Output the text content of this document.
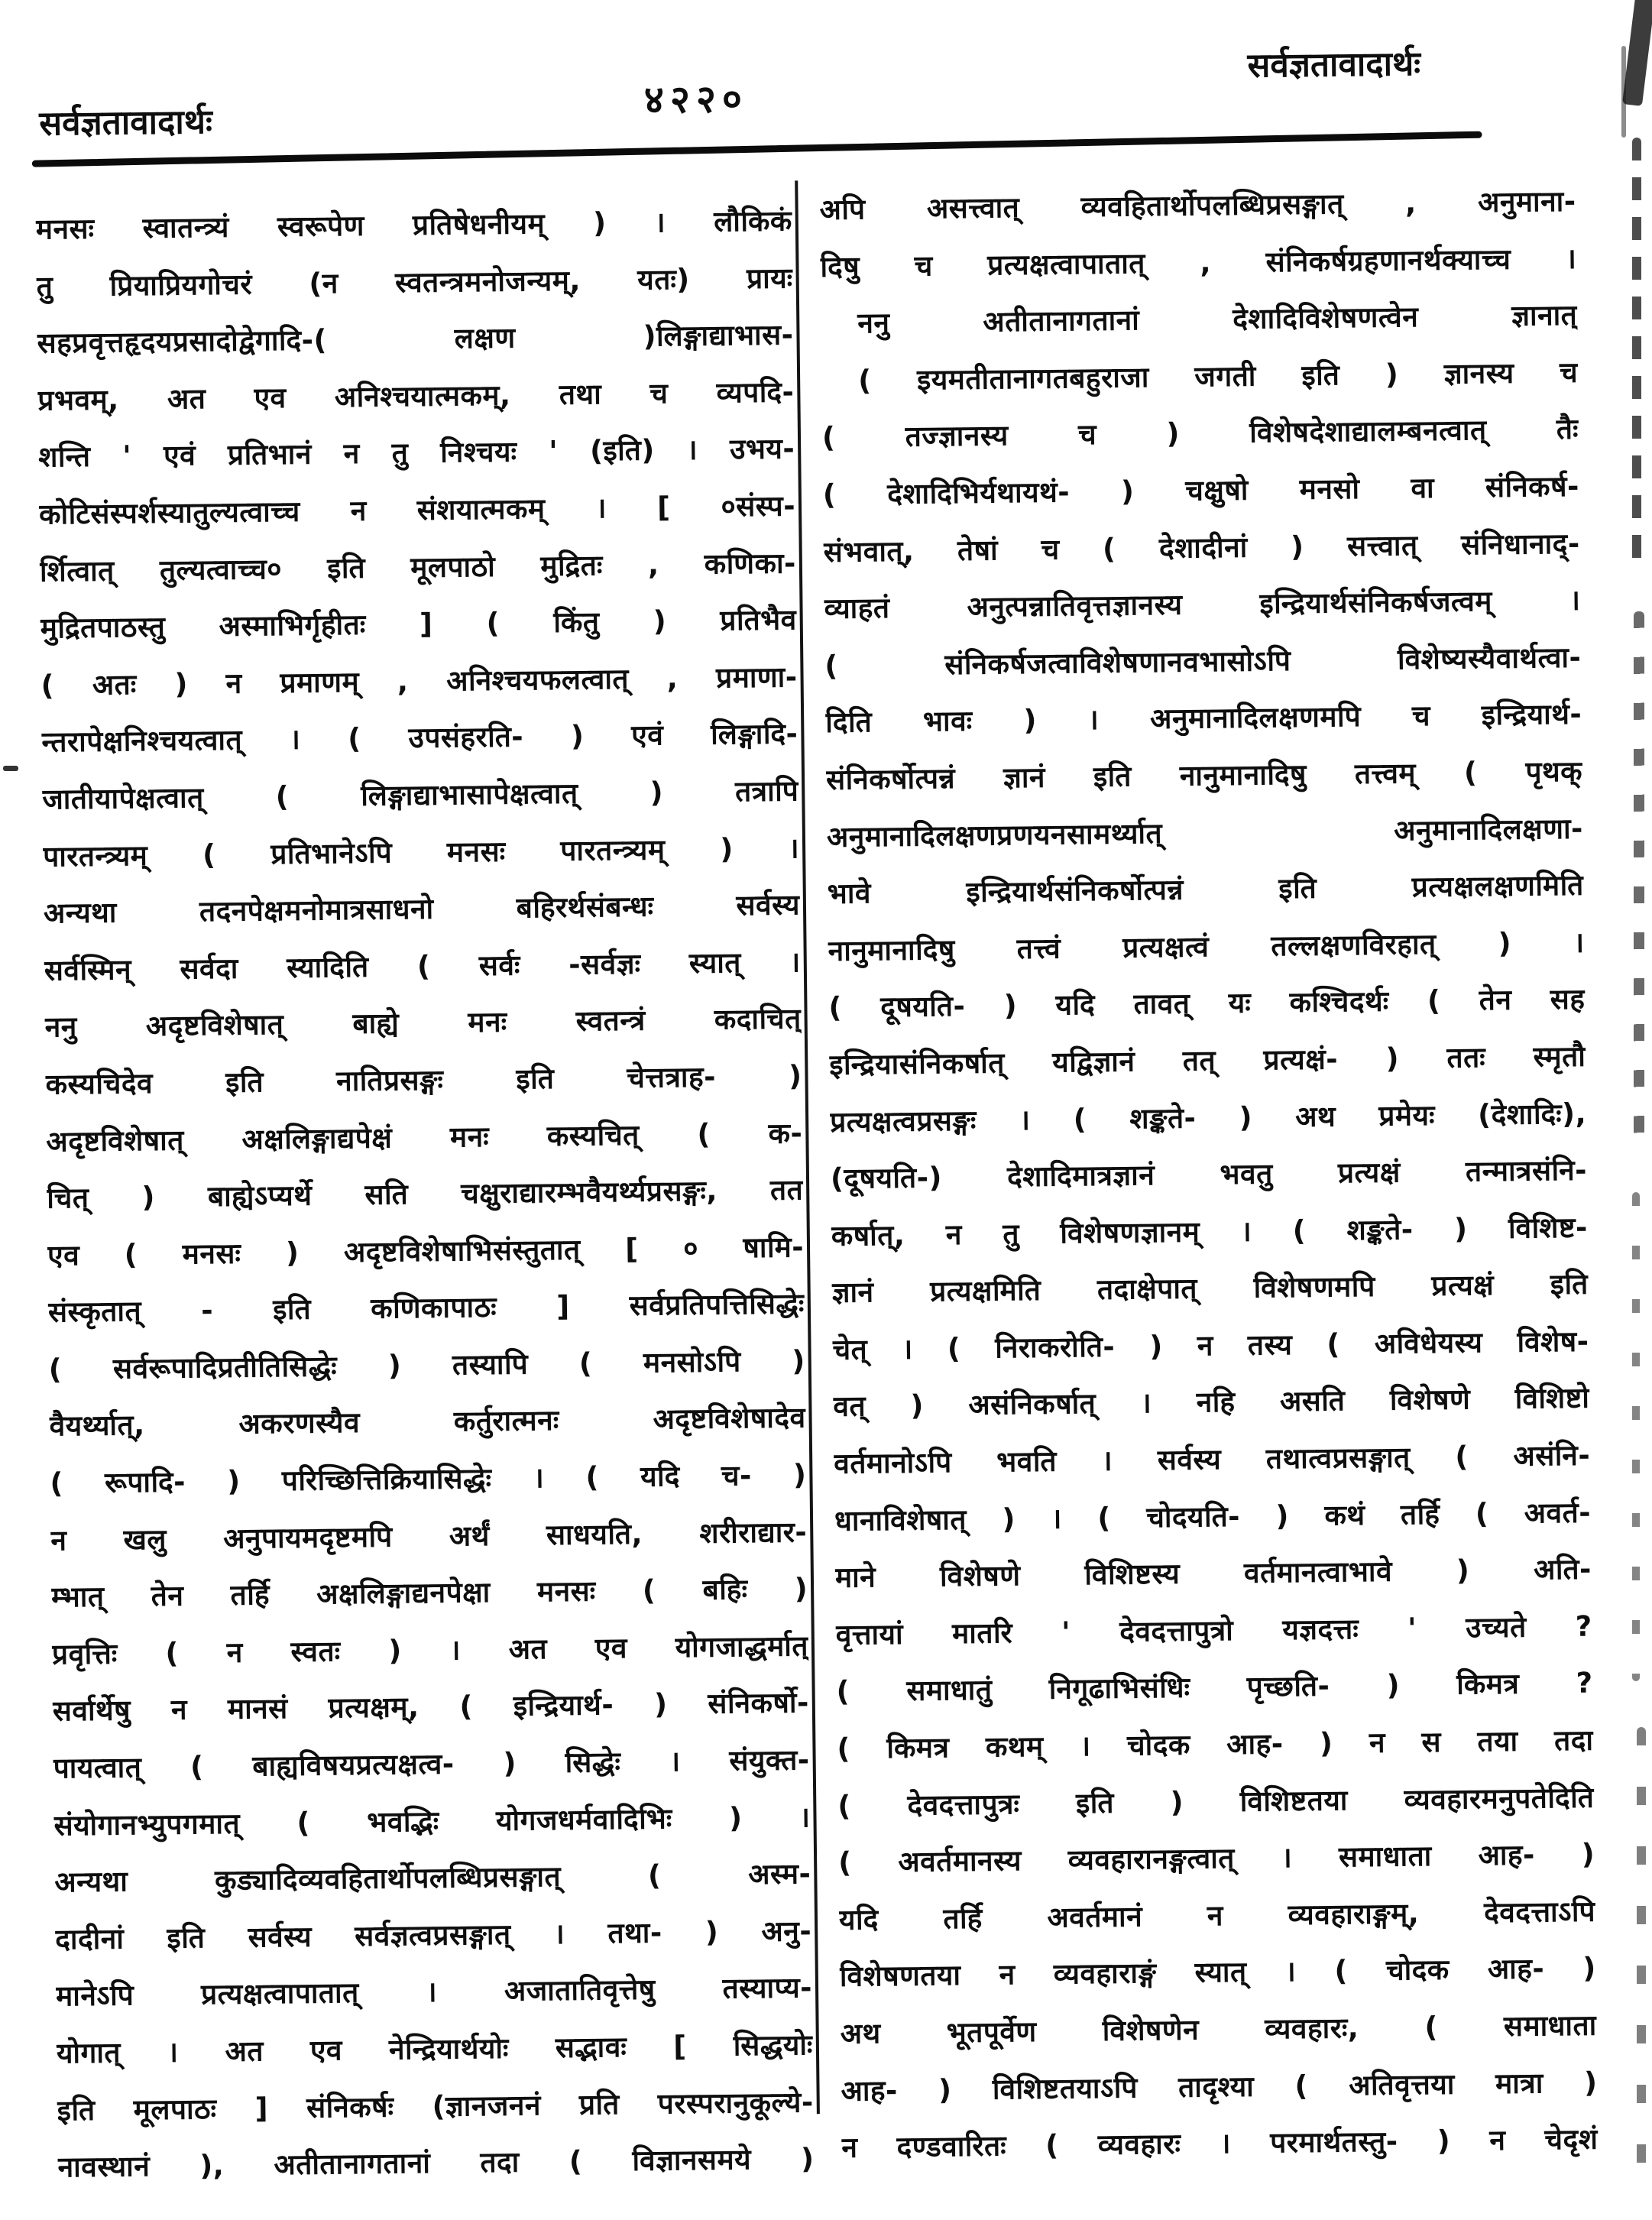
सर्वज्ञतावादार्थः
४२२०
सर्वज्ञतावादार्थः
मनसः स्वातन्त्र्यं स्वरूपेण प्रतिषेधनीयम् ) । लौकिकं
तु प्रियाप्रियगोचरं (न स्वतन्त्रमनोजन्यम्, यतः) प्रायः
सहप्रवृत्तहृदयप्रसादोद्वेगादि-( लक्षण )लिङ्गाद्याभास-
प्रभवम्, अत एव अनिश्चयात्मकम्, तथा च व्यपदि-
शन्ति ' एवं प्रतिभानं न तु निश्चयः ' (इति) । उभय-
कोटिसंस्पर्शस्यातुल्यत्वाच्च न संशयात्मकम् । [ ०संस्प-
र्शित्वात् तुल्यत्वाच्च० इति मूलपाठो मुद्रितः , कणिका-
मुद्रितपाठस्तु अस्माभिर्गृहीतः ] ( किंतु ) प्रतिभैव
( अतः ) न प्रमाणम् , अनिश्चयफलत्वात् , प्रमाणा-
न्तरापेक्षनिश्चयत्वात् । ( उपसंहरति- ) एवं लिङ्गादि-
जातीयापेक्षत्वात् ( लिङ्गाद्याभासापेक्षत्वात् ) तत्रापि
पारतन्त्र्यम् ( प्रतिभानेऽपि मनसः पारतन्त्र्यम् ) ।
अन्यथा तदनपेक्षमनोमात्रसाधनो बहिरर्थसंबन्धः सर्वस्य
सर्वस्मिन् सर्वदा स्यादिति ( सर्वः -सर्वज्ञः स्यात् ।
ननु अदृष्टविशेषात् बाह्ये मनः स्वतन्त्रं कदाचित्
कस्यचिदेव इति नातिप्रसङ्गः इति चेत्तत्राह- )
अदृष्टविशेषात् अक्षलिङ्गाद्यपेक्षं मनः कस्यचित् ( क-
चित् ) बाह्येऽप्यर्थे सति चक्षुराद्यारम्भवैयर्थ्यप्रसङ्गः, तत
एव ( मनसः ) अदृष्टविशेषाभिसंस्तुतात् [ ० षामि-
संस्कृतात् - इति कणिकापाठः ] सर्वप्रतिपत्तिसिद्धेः
( सर्वरूपादिप्रतीतिसिद्धेः ) तस्यापि ( मनसोऽपि )
वैयर्थ्यात्, अकरणस्यैव कर्तुरात्मनः अदृष्टविशेषादेव
( रूपादि- ) परिच्छित्तिक्रियासिद्धेः । ( यदि च- )
न खलु अनुपायमदृष्टमपि अर्थं साधयति, शरीराद्यार-
म्भात् तेन तर्हि अक्षलिङ्गाद्यनपेक्षा मनसः ( बहिः )
प्रवृत्तिः ( न स्वतः ) । अत एव योगजाद्धर्मात्
सर्वार्थेषु न मानसं प्रत्यक्षम्, ( इन्द्रियार्थ- ) संनिकर्षो-
पायत्वात् ( बाह्यविषयप्रत्यक्षत्व- ) सिद्धेः । संयुक्त-
संयोगानभ्युपगमात् ( भवद्भिः योगजधर्मवादिभिः ) ।
अन्यथा कुड्यादिव्यवहितार्थोपलब्धिप्रसङ्गात् ( अस्म-
दादीनां इति सर्वस्य सर्वज्ञत्वप्रसङ्गात् । तथा- ) अनु-
मानेऽपि प्रत्यक्षत्वापातात् । अजातातिवृत्तेषु तस्याप्य-
योगात् । अत एव नेन्द्रियार्थयोः सद्भावः [ सिद्धयोः
इति मूलपाठः ] संनिकर्षः (ज्ञानजननं प्रति परस्परानुकूल्ये-
नावस्थानं ), अतीतानागतानां तदा ( विज्ञानसमये )
अपि असत्त्वात् व्यवहितार्थोपलब्धिप्रसङ्गात् , अनुमाना-
दिषु च प्रत्यक्षत्वापातात् , संनिकर्षग्रहणानर्थक्याच्च ।
ननु अतीतानागतानां देशादिविशेषणत्वेन ज्ञानात्
( इयमतीतानागतबहुराजा जगती इति ) ज्ञानस्य च
( तज्ज्ञानस्य च ) विशेषदेशाद्यालम्बनत्वात् तैः
( देशादिभिर्यथायथं- ) चक्षुषो मनसो वा संनिकर्ष-
संभवात्, तेषां च ( देशादीनां ) सत्त्वात् संनिधानाद्-
व्याहतं अनुत्पन्नातिवृत्तज्ञानस्य इन्द्रियार्थसंनिकर्षजत्वम् ।
( संनिकर्षजत्वाविशेषणानवभासोऽपि विशेष्यस्यैवार्थत्वा-
दिति भावः ) । अनुमानादिलक्षणमपि च इन्द्रियार्थ-
संनिकर्षोत्पन्नं ज्ञानं इति नानुमानादिषु तत्त्वम् ( पृथक्
अनुमानादिलक्षणप्रणयनसामर्थ्यात् अनुमानादिलक्षणा-
भावे इन्द्रियार्थसंनिकर्षोत्पन्नं इति प्रत्यक्षलक्षणमिति
नानुमानादिषु तत्त्वं प्रत्यक्षत्वं तल्लक्षणविरहात् ) ।
( दूषयति- ) यदि तावत् यः कश्चिदर्थः ( तेन सह
इन्द्रियासंनिकर्षात् यद्विज्ञानं तत् प्रत्यक्षं- ) ततः स्मृतौ
प्रत्यक्षत्वप्रसङ्गः । ( शङ्कते- ) अथ प्रमेयः (देशादिः),
(दूषयति-) देशादिमात्रज्ञानं भवतु प्रत्यक्षं तन्मात्रसंनि-
कर्षात्, न तु विशेषणज्ञानम् । ( शङ्कते- ) विशिष्ट-
ज्ञानं प्रत्यक्षमिति तदाक्षेपात् विशेषणमपि प्रत्यक्षं इति
चेत् । ( निराकरोति- ) न तस्य ( अविधेयस्य विशेष-
वत् ) असंनिकर्षात् । नहि असति विशेषणे विशिष्टो
वर्तमानोऽपि भवति । सर्वस्य तथात्वप्रसङ्गात् ( असंनि-
धानाविशेषात् ) । ( चोदयति- ) कथं तर्हि ( अवर्त-
माने विशेषणे विशिष्टस्य वर्तमानत्वाभावे ) अति-
वृत्तायां मातरि ' देवदत्तापुत्रो यज्ञदत्तः ' उच्यते ?
( समाधातुं निगूढाभिसंधिः पृच्छति- ) किमत्र ?
( किमत्र कथम् । चोदक आह- ) न स तया तदा
( देवदत्तापुत्रः इति ) विशिष्टतया व्यवहारमनुपतेदिति
( अवर्तमानस्य व्यवहारानङ्गत्वात् । समाधाता आह- )
यदि तर्हि अवर्तमानं न व्यवहाराङ्गम्, देवदत्ताऽपि
विशेषणतया न व्यवहाराङ्गं स्यात् । ( चोदक आह- )
अथ भूतपूर्वेण विशेषणेन व्यवहारः, ( समाधाता
आह- ) विशिष्टतयाऽपि तादृश्या ( अतिवृत्तया मात्रा )
न दण्डवारितः ( व्यवहारः । परमार्थतस्तु- ) न चेदृशं
